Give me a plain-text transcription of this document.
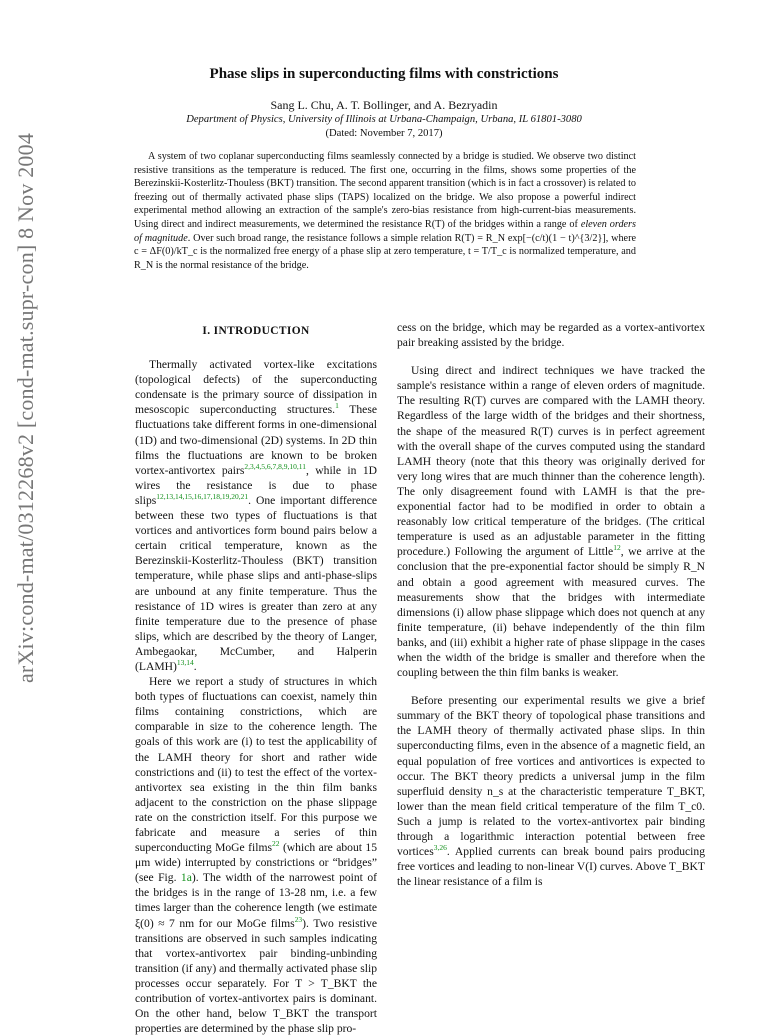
arXiv:cond-mat/0312268v2 [cond-mat.supr-con] 8 Nov 2004
Phase slips in superconducting films with constrictions
Sang L. Chu, A. T. Bollinger, and A. Bezryadin
Department of Physics, University of Illinois at Urbana-Champaign, Urbana, IL 61801-3080
(Dated: November 7, 2017)

A system of two coplanar superconducting films seamlessly connected by a bridge is studied. We observe two distinct resistive transitions as the temperature is reduced. The first one, occurring in the films, shows some properties of the Berezinskii-Kosterlitz-Thouless (BKT) transition. The second apparent transition (which is in fact a crossover) is related to freezing out of thermally activated phase slips (TAPS) localized on the bridge. We also propose a powerful indirect experimental method allowing an extraction of the sample's zero-bias resistance from high-current-bias measurements. Using direct and indirect measurements, we determined the resistance R(T) of the bridges within a range of eleven orders of magnitude. Over such broad range, the resistance follows a simple relation R(T) = R_N exp[−(c/t)(1 − t)^{3/2}], where c = ΔF(0)/kT_c is the normalized free energy of a phase slip at zero temperature, t = T/T_c is normalized temperature, and R_N is the normal resistance of the bridge.

I. INTRODUCTION

Thermally activated vortex-like excitations (topological defects) of the superconducting condensate is the primary source of dissipation in mesoscopic superconducting structures.$^1$ These fluctuations take different forms in one-dimensional (1D) and two-dimensional (2D) systems. In 2D thin films the fluctuations are known to be broken vortex-antivortex pairs$^{2,3,4,5,6,7,8,9,10,11}$, while in 1D wires the resistance is due to phase slips$^{12,13,14,15,16,17,18,19,20,21}$. One important difference between these two types of fluctuations is that vortices and antivortices form bound pairs below a certain critical temperature, known as the Berezinskii-Kosterlitz-Thouless (BKT) transition temperature, while phase slips and anti-phase-slips are unbound at any finite temperature. Thus the resistance of 1D wires is greater than zero at any finite temperature due to the presence of phase slips, which are described by the theory of Langer, Ambegaokar, McCumber, and Halperin (LAMH)$^{13,14}$.

Here we report a study of structures in which both types of fluctuations can coexist, namely thin films containing constrictions, which are comparable in size to the coherence length. The goals of this work are (i) to test the applicability of the LAMH theory for short and rather wide constrictions and (ii) to test the effect of the vortex-antivortex sea existing in the thin film banks adjacent to the constriction on the phase slippage rate on the constriction itself. For this purpose we fabricate and measure a series of thin superconducting MoGe films$^{22}$ (which are about 15 μm wide) interrupted by constrictions or “bridges” (see Fig. 1a). The width of the narrowest point of the bridges is in the range of 13-28 nm, i.e. a few times larger than the coherence length (we estimate ξ(0) ≈ 7 nm for our MoGe films$^{23}$). Two resistive transitions are observed in such samples indicating that vortex-antivortex pair binding-unbinding transition (if any) and thermally activated phase slip processes occur separately. For T > T_BKT the contribution of vortex-antivortex pairs is dominant. On the other hand, below T_BKT the transport properties are determined by the phase slip pro-

cess on the bridge, which may be regarded as a vortex-antivortex pair breaking assisted by the bridge.

Using direct and indirect techniques we have tracked the sample's resistance within a range of eleven orders of magnitude. The resulting R(T) curves are compared with the LAMH theory. Regardless of the large width of the bridges and their shortness, the shape of the measured R(T) curves is in perfect agreement with the overall shape of the curves computed using the standard LAMH theory (note that this theory was originally derived for very long wires that are much thinner than the coherence length). The only disagreement found with LAMH is that the pre-exponential factor had to be modified in order to obtain a reasonably low critical temperature of the bridges. (The critical temperature is used as an adjustable parameter in the fitting procedure.) Following the argument of Little$^{12}$, we arrive at the conclusion that the pre-exponential factor should be simply R_N and obtain a good agreement with measured curves. The measurements show that the bridges with intermediate dimensions (i) allow phase slippage which does not quench at any finite temperature, (ii) behave independently of the thin film banks, and (iii) exhibit a higher rate of phase slippage in the cases when the width of the bridge is smaller and therefore when the coupling between the thin film banks is weaker.

Before presenting our experimental results we give a brief summary of the BKT theory of topological phase transitions and the LAMH theory of thermally activated phase slips. In thin superconducting films, even in the absence of a magnetic field, an equal population of free vortices and antivortices is expected to occur. The BKT theory predicts a universal jump in the film superfluid density n_s at the characteristic temperature T_BKT, lower than the mean field critical temperature of the film T_c0. Such a jump is related to the vortex-antivortex pair binding through a logarithmic interaction potential between free vortices$^{3,26}$. Applied currents can break bound pairs producing free vortices and leading to non-linear V(I) curves. Above T_BKT the linear resistance of a film is
